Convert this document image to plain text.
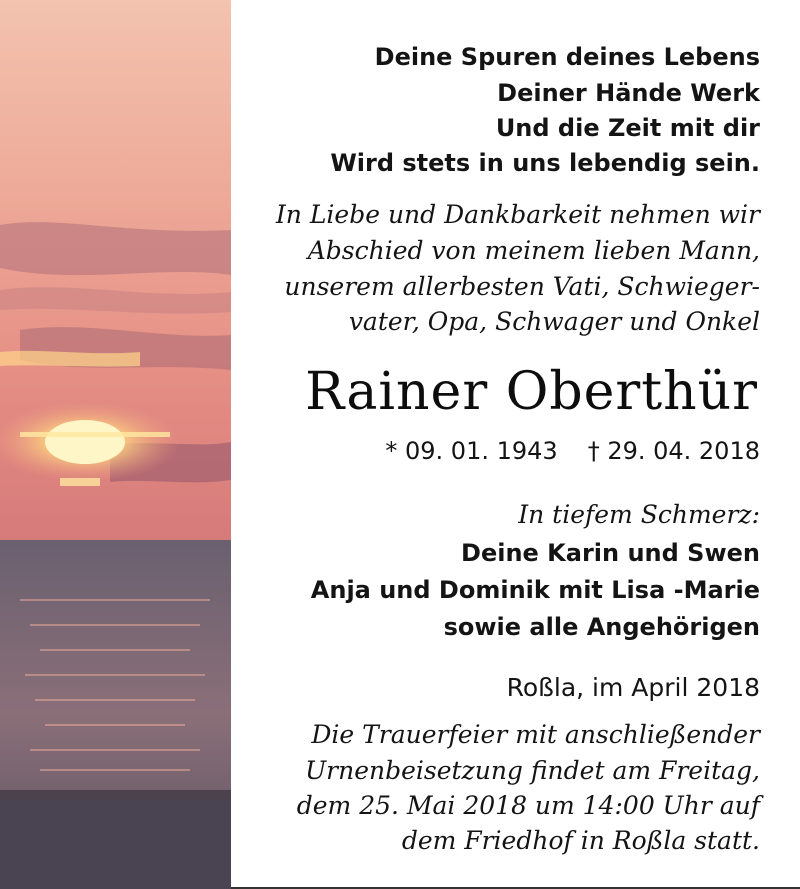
Deine Spuren deines Lebens
Deiner Hände Werk
Und die Zeit mit dir
Wird stets in uns lebendig sein.
In Liebe und Dankbarkeit nehmen wir
Abschied von meinem lieben Mann,
unserem allerbesten Vati, Schwieger-
vater, Opa, Schwager und Onkel
Rainer Oberthür
* 09. 01. 1943 † 29. 04. 2018
In tiefem Schmerz:
Deine Karin und Swen
Anja und Dominik mit Lisa -Marie
sowie alle Angehörigen
Roßla, im April 2018
Die Trauerfeier mit anschließender
Urnenbeisetzung findet am Freitag,
dem 25. Mai 2018 um 14:00 Uhr auf
dem Friedhof in Roßla statt.
